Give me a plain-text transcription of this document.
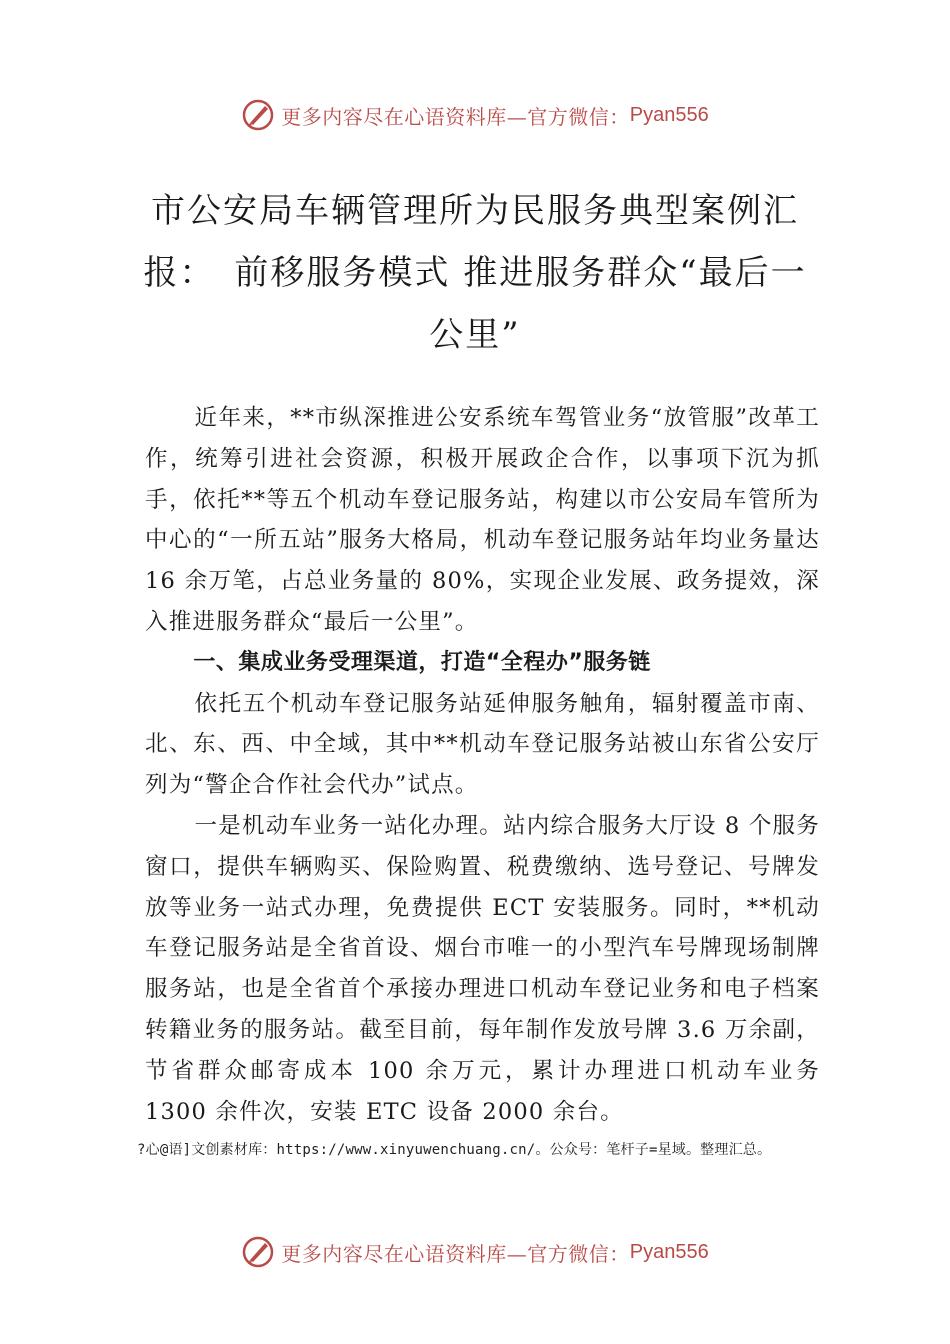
更多内容尽在心语资料库—官方微信： Pyan556
市公安局车辆管理所为民服务典型案例汇报：　前移服务模式 推进服务群众“最后一公里”

近年来，**市纵深推进公安系统车驾管业务“放管服”改革工作，统筹引进社会资源，积极开展政企合作，以事项下沉为抓手，依托**等五个机动车登记服务站，构建以市公安局车管所为中心的“一所五站”服务大格局，机动车登记服务站年均业务量达 16 余万笔，占总业务量的 80%，实现企业发展、政务提效，深入推进服务群众“最后一公里”。

一、集成业务受理渠道，打造“全程办”服务链

依托五个机动车登记服务站延伸服务触角，辐射覆盖市南、北、东、西、中全域，其中**机动车登记服务站被山东省公安厅列为“警企合作社会代办”试点。

一是机动车业务一站化办理。站内综合服务大厅设 8 个服务窗口，提供车辆购买、保险购置、税费缴纳、选号登记、号牌发放等业务一站式办理，免费提供 ECT 安装服务。同时，**机动车登记服务站是全省首设、烟台市唯一的小型汽车号牌现场制牌服务站，也是全省首个承接办理进口机动车登记业务和电子档案转籍业务的服务站。截至目前，每年制作发放号牌 3.6 万余副，节省群众邮寄成本 100 余万元，累计办理进口机动车业务 1300 余件次，安装 ETC 设备 2000 余台。

?心@语]文创素材库：https://www.xinyuwenchuang.cn/。公众号：笔杆子=星域。整理汇总。
更多内容尽在心语资料库—官方微信： Pyan556
